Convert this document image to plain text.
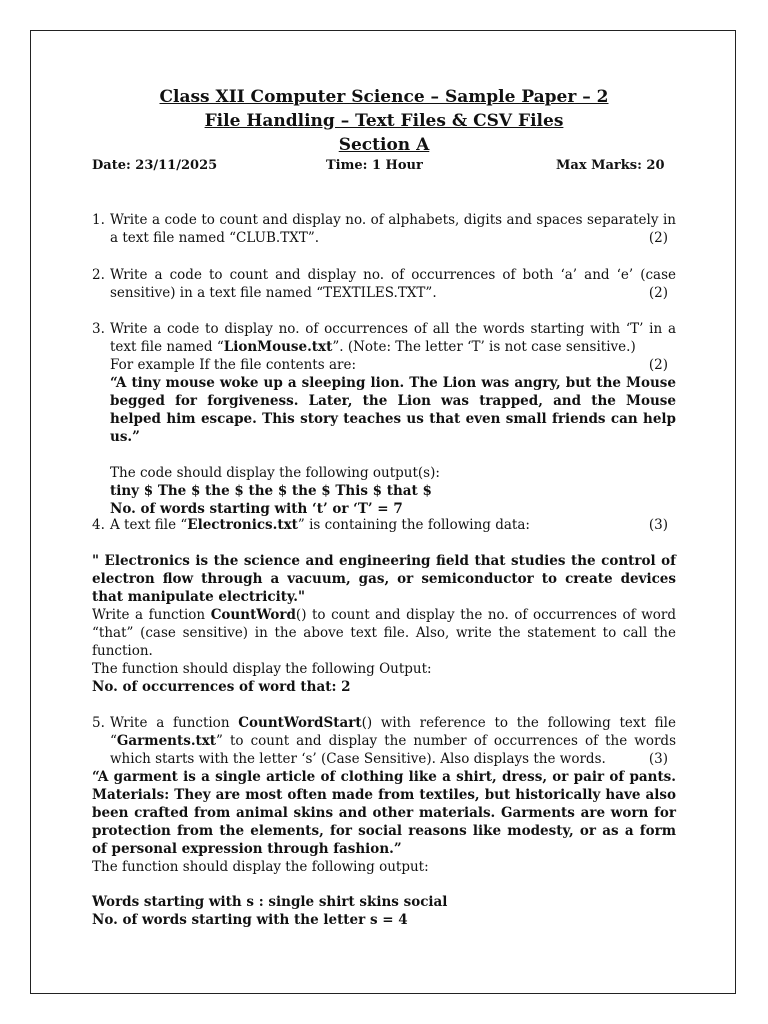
Class XII Computer Science – Sample Paper – 2
File Handling – Text Files & CSV Files
Section A
Date: 23/11/2025	Time: 1 Hour	Max Marks: 20
1. Write a code to count and display no. of alphabets, digits and spaces separately in a text file named “CLUB.TXT”.	(2)
2. Write a code to count and display no. of occurrences of both ‘a’ and ‘e’ (case sensitive) in a text file named “TEXTILES.TXT”.	(2)
3. Write a code to display no. of occurrences of all the words starting with ‘T’ in a text file named “LionMouse.txt”. (Note: The letter ‘T’ is not case sensitive.)
For example If the file contents are:	(2)
“A tiny mouse woke up a sleeping lion. The Lion was angry, but the Mouse begged for forgiveness. Later, the Lion was trapped, and the Mouse helped him escape. This story teaches us that even small friends can help us.”
The code should display the following output(s):
tiny $ The $ the $ the $ the $ This $ that $
No. of words starting with ‘t’ or ‘T’ = 7
4. A text file “Electronics.txt” is containing the following data:	(3)
" Electronics is the science and engineering field that studies the control of electron flow through a vacuum, gas, or semiconductor to create devices that manipulate electricity."
Write a function CountWord() to count and display the no. of occurrences of word “that” (case sensitive) in the above text file. Also, write the statement to call the function.
The function should display the following Output:
No. of occurrences of word that: 2
5. Write a function CountWordStart() with reference to the following text file “Garments.txt” to count and display the number of occurrences of the words which starts with the letter ‘s’ (Case Sensitive). Also displays the words.	(3)
“A garment is a single article of clothing like a shirt, dress, or pair of pants. Materials: They are most often made from textiles, but historically have also been crafted from animal skins and other materials. Garments are worn for protection from the elements, for social reasons like modesty, or as a form of personal expression through fashion.”
The function should display the following output:
Words starting with s : single shirt skins social
No. of words starting with the letter s = 4
